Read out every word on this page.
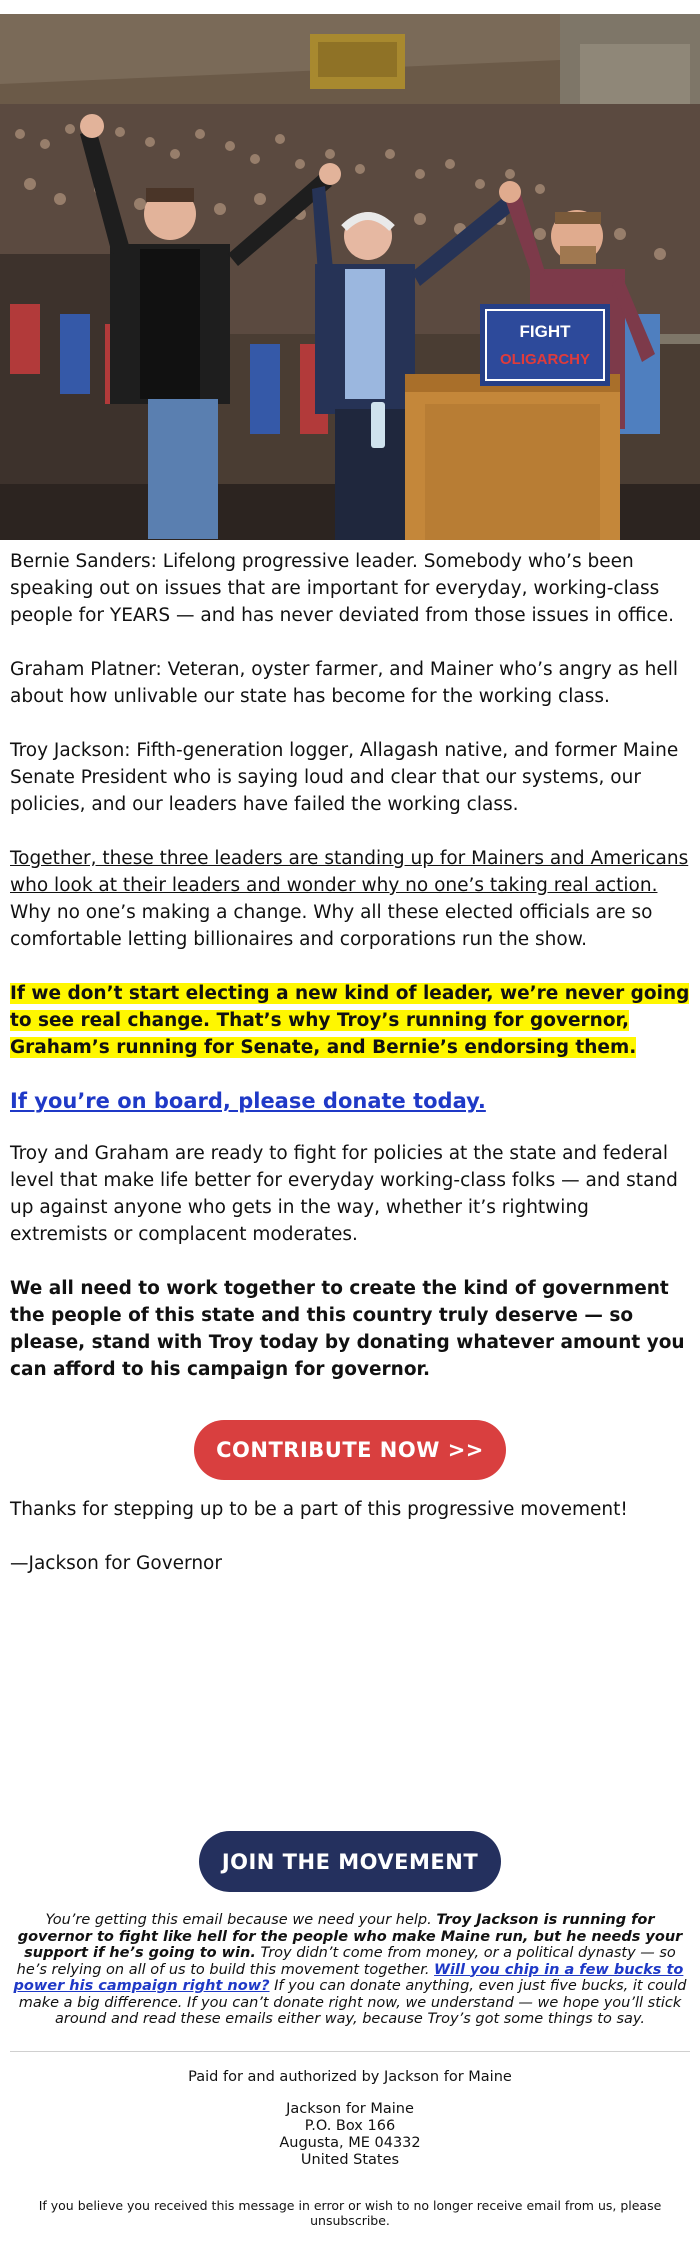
FIGHT
OLIGARCHY

Bernie Sanders: Lifelong progressive leader. Somebody who’s been speaking out on issues that are important for everyday, working-class people for YEARS — and has never deviated from those issues in office.

Graham Platner: Veteran, oyster farmer, and Mainer who’s angry as hell about how unlivable our state has become for the working class.

Troy Jackson: Fifth-generation logger, Allagash native, and former Maine Senate President who is saying loud and clear that our systems, our policies, and our leaders have failed the working class.

Together, these three leaders are standing up for Mainers and Americans who look at their leaders and wonder why no one’s taking real action. Why no one’s making a change. Why all these elected officials are so comfortable letting billionaires and corporations run the show.

If we don’t start electing a new kind of leader, we’re never going to see real change. That’s why Troy’s running for governor, Graham’s running for Senate, and Bernie’s endorsing them.

If you’re on board, please donate today.

Troy and Graham are ready to fight for policies at the state and federal level that make life better for everyday working-class folks — and stand up against anyone who gets in the way, whether it’s rightwing extremists or complacent moderates.

We all need to work together to create the kind of government the people of this state and this country truly deserve — so please, stand with Troy today by donating whatever amount you can afford to his campaign for governor.

CONTRIBUTE NOW >>

Thanks for stepping up to be a part of this progressive movement!

—Jackson for Governor

JOIN THE MOVEMENT
You’re getting this email because we need your help. Troy Jackson is running for governor to fight like hell for the people who make Maine run, but he needs your support if he’s going to win. Troy didn’t come from money, or a political dynasty — so he’s relying on all of us to build this movement together. Will you chip in a few bucks to power his campaign right now? If you can donate anything, even just five bucks, it could make a big difference. If you can’t donate right now, we understand — we hope you’ll stick around and read these emails either way, because Troy’s got some things to say.
Paid for and authorized by Jackson for Maine
Jackson for Maine
P.O. Box 166
Augusta, ME 04332
United States
If you believe you received this message in error or wish to no longer receive email from us, please unsubscribe.
